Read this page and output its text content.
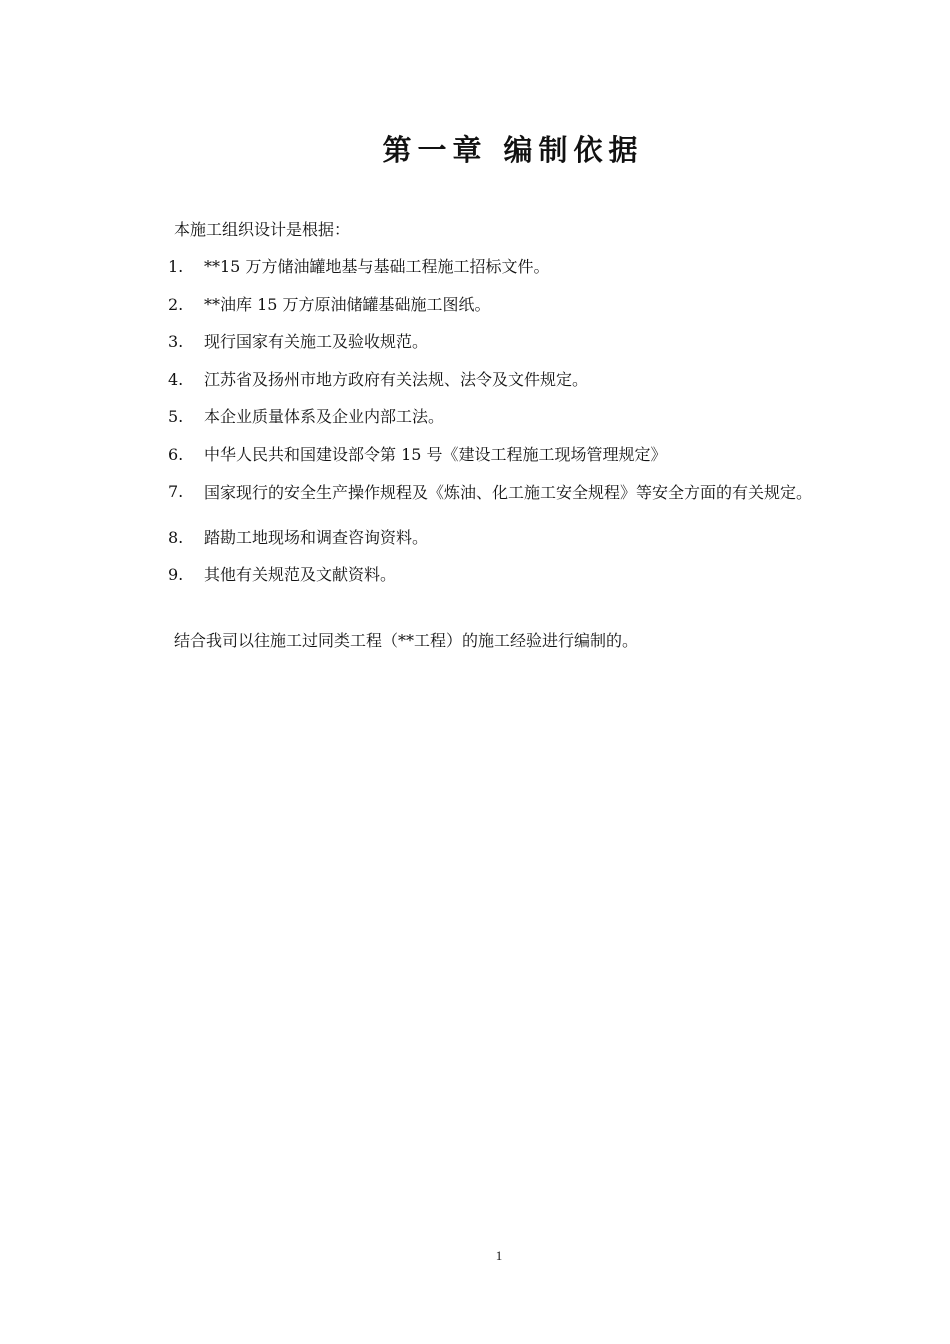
第一章 编制依据
本施工组织设计是根据：
1.	**15 万方储油罐地基与基础工程施工招标文件。
2.	**油库 15 万方原油储罐基础施工图纸。
3.	现行国家有关施工及验收规范。
4.	江苏省及扬州市地方政府有关法规、法令及文件规定。
5.	本企业质量体系及企业内部工法。
6.	中华人民共和国建设部令第 15 号《建设工程施工现场管理规定》
7.	国家现行的安全生产操作规程及《炼油、化工施工安全规程》等安全方面的有关规定。
8.	踏勘工地现场和调查咨询资料。
9.	其他有关规范及文献资料。
结合我司以往施工过同类工程（**工程）的施工经验进行编制的。
1
